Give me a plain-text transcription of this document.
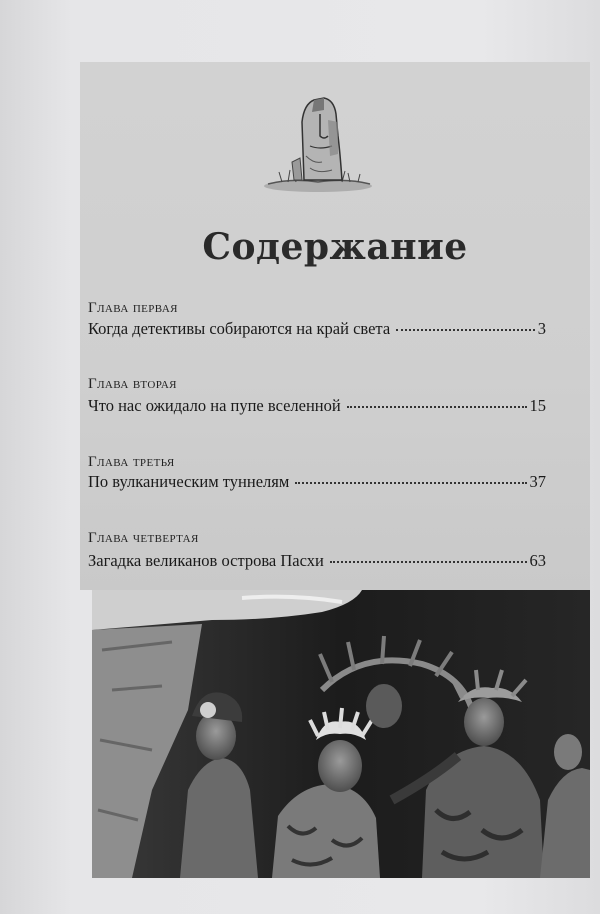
Содержание
Глава первая
Когда детективы собираются на край света	3
Глава вторая
Что нас ожидало на пупе вселенной	15
Глава третья
По вулканическим туннелям	37
Глава четвертая
Загадка великанов острова Пасхи	63
